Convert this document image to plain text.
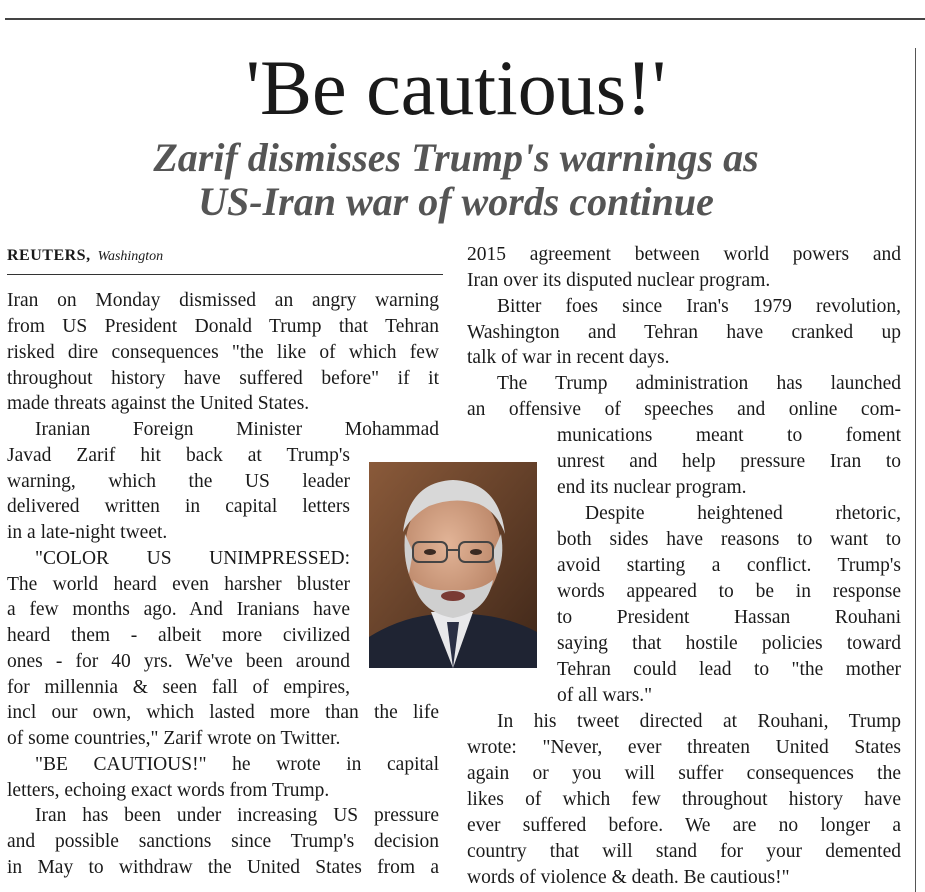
'Be cautious!'
Zarif dismisses Trump's warnings as
US-Iran war of words continue
REUTERS, Washington

Iran on Monday dismissed an angry warning

from US President Donald Trump that Tehran

risked dire consequences "the like of which few

throughout history have suffered before" if it

made threats against the United States.

Iranian Foreign Minister Mohammad

Javad Zarif hit back at Trump's

warning, which the US leader

delivered written in capital letters

in a late-night tweet.

"COLOR US UNIMPRESSED:

The world heard even harsher bluster

a few months ago. And Iranians have

heard them - albeit more civilized

ones - for 40 yrs. We've been around

for millennia & seen fall of empires,

incl our own, which lasted more than the life

of some countries," Zarif wrote on Twitter.

"BE CAUTIOUS!" he wrote in capital

letters, echoing exact words from Trump.

Iran has been under increasing US pressure

and possible sanctions since Trump's decision

in May to withdraw the United States from a

2015 agreement between world powers and

Iran over its disputed nuclear program.

Bitter foes since Iran's 1979 revolution,

Washington and Tehran have cranked up

talk of war in recent days.

The Trump administration has launched

an offensive of speeches and online com-

munications meant to foment

unrest and help pressure Iran to

end its nuclear program.

Despite heightened rhetoric,

both sides have reasons to want to

avoid starting a conflict. Trump's

words appeared to be in response

to President Hassan Rouhani

saying that hostile policies toward

Tehran could lead to "the mother

of all wars."

In his tweet directed at Rouhani, Trump

wrote: "Never, ever threaten United States

again or you will suffer consequences the

likes of which few throughout history have

ever suffered before. We are no longer a

country that will stand for your demented

words of violence & death. Be cautious!"
